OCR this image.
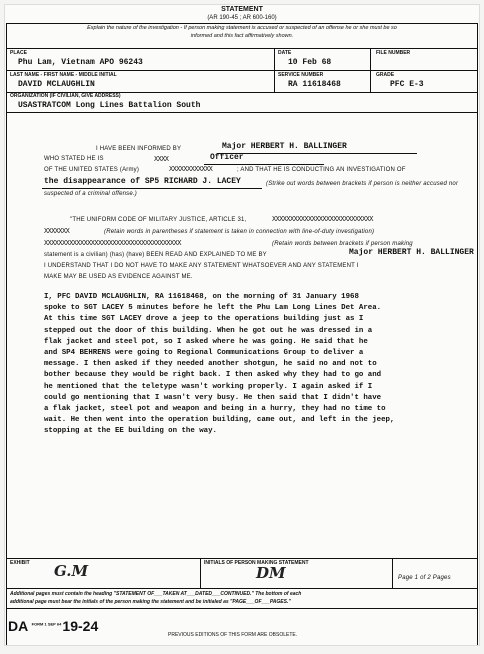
STATEMENT
(AR 190-45 ; AR 600-160)
Explain the nature of the investigation - If person making statement is accused or suspected of an offense he or she must be so
informed and this fact affirmatively shown.
PLACE
Phu Lam, Vietnam APO 96243
DATE
10 Feb 68
FILE NUMBER
LAST NAME - FIRST NAME - MIDDLE INITIAL
DAVID MCLAUGHLIN
SERVICE NUMBER
RA 11618468
GRADE
PFC E-3
ORGANIZATION (IF CIVILIAN, GIVE ADDRESS)
USASTRATCOM Long Lines Battalion South
I HAVE BEEN INFORMED BY	Major HERBERT H. BALLINGER
WHO STATED HE IS	XXXX	Officer
OF THE UNITED STATES (Army)	XXXXXXXXXXXX	; AND THAT HE IS CONDUCTING AN INVESTIGATION OF
the disappearance of SP5 RICHARD J. LACEY	(Strike out words between brackets if person is neither accused nor
suspected of a criminal offense.)
"THE UNIFORM CODE OF MILITARY JUSTICE, ARTICLE 31,	XXXXXXXXXXXXXXXXXXXXXXXXXXXX
XXXXXXX	(Retain words in parentheses if statement is taken in connection with line-of-duty investigation)
XXXXXXXXXXXXXXXXXXXXXXXXXXXXXXXXXXXXXX	(Retain words between brackets if person making
statement is a civilian) (has) (have) BEEN READ AND EXPLAINED TO ME BY	Major HERBERT H. BALLINGER
I UNDERSTAND THAT I DO NOT HAVE TO MAKE ANY STATEMENT WHATSOEVER AND ANY STATEMENT I
MAKE MAY BE USED AS EVIDENCE AGAINST ME.
I, PFC DAVID MCLAUGHLIN, RA 11618468, on the morning of 31 January 1968
spoke to SGT LACEY 5 minutes before he left the Phu Lam Long Lines Det Area.
At this time SGT LACEY drove a jeep to the operations building just as I
stepped out the door of this building. When he got out he was dressed in a
flak jacket and steel pot, so I asked where he was going. He said that he
and SP4 BEHRENS were going to Regional Communications Group to deliver a
message. I then asked if they needed another shotgun, he said no and not to
bother because they would be right back. I then asked why they had to go and
he mentioned that the teletype wasn't working properly. I again asked if I
could go mentioning that I wasn't very busy. He then said that I didn't have
a flak jacket, steel pot and weapon and being in a hurry, they had no time to
wait. He then went into the operation building, came out, and left in the jeep,
stopping at the EE building on the way.
EXHIBIT G.M	INITIALS OF PERSON MAKING STATEMENT
DM	Page 1 of 2 Pages
Additional pages must contain the heading "STATEMENT OF___TAKEN AT___DATED___CONTINUED." The bottom of each
additional page must bear the initials of the person making the statement and be initialed as "PAGE___OF___PAGES."
DA $^{FORM 1 SEP 64}$ 19-24
PREVIOUS EDITIONS OF THIS FORM ARE OBSOLETE.
